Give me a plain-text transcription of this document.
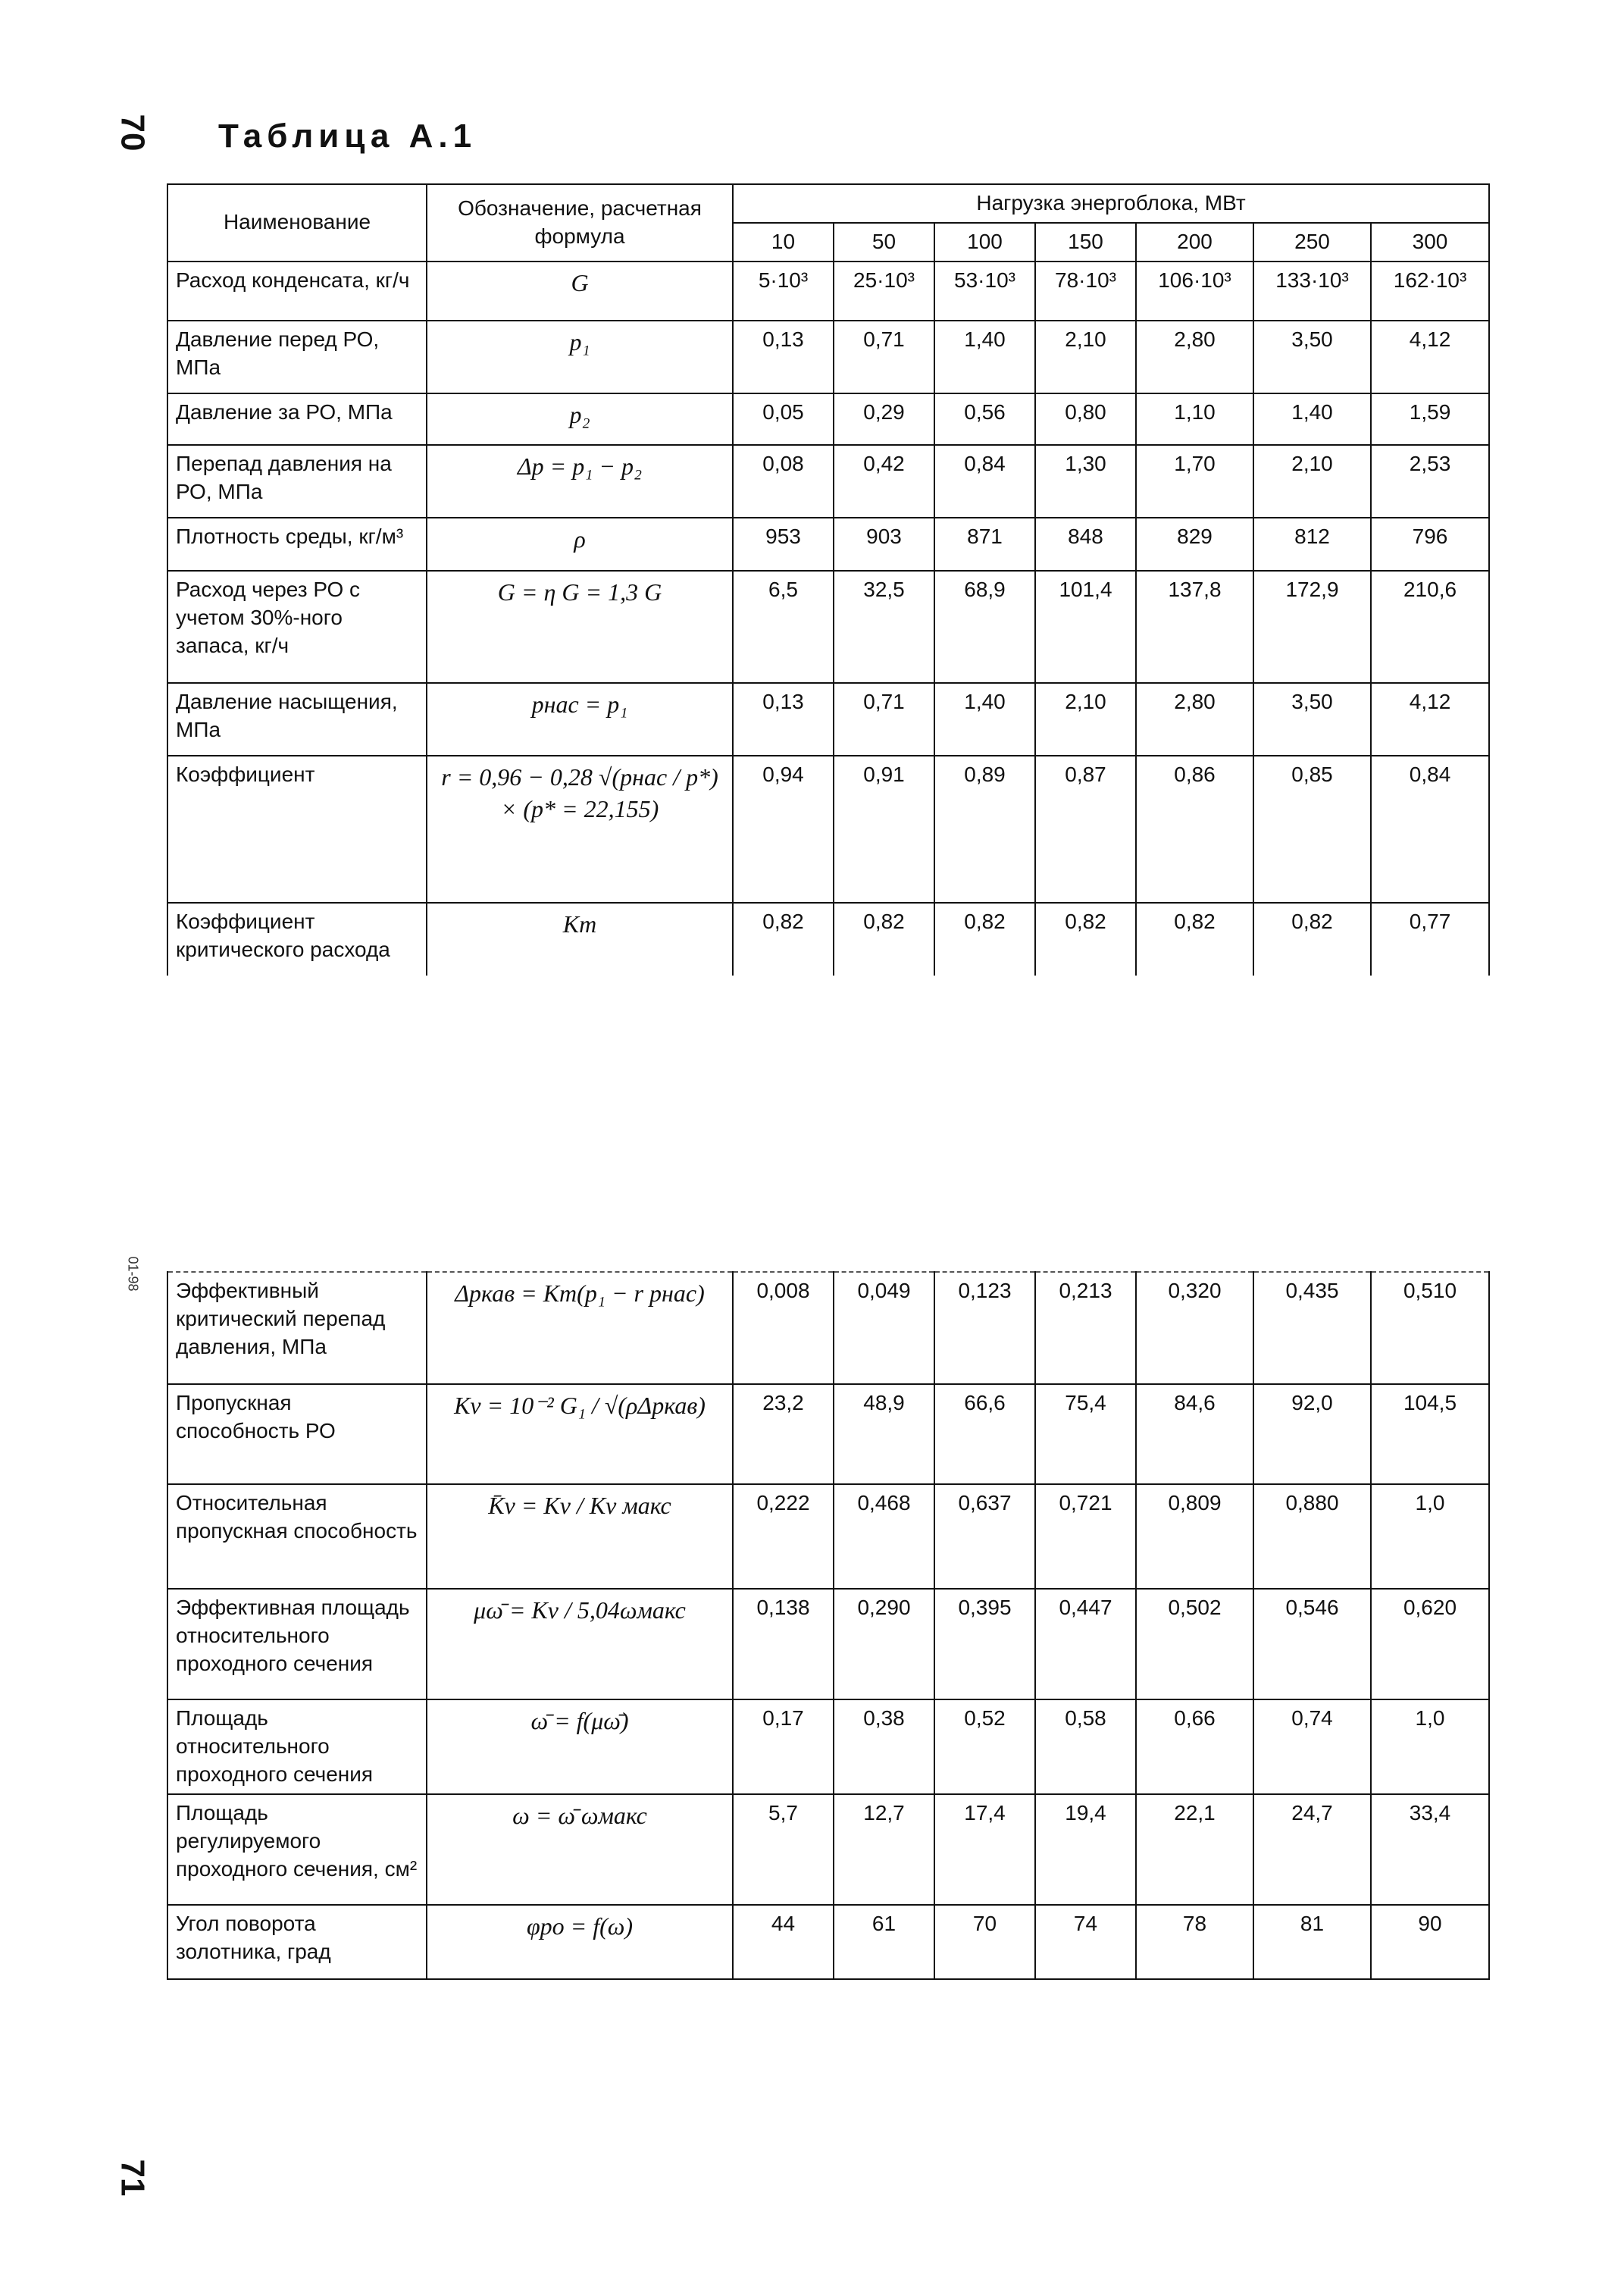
70
01-98
71
Таблица А.1
Наименование	Обозначение, расчетная формула	Нагрузка энергоблока, МВт						
		10	50	100	150	200	250	300
Расход конденсата, кг/ч	G	5·10³	25·10³	53·10³	78·10³	106·10³	133·10³	162·10³
Давление перед РО, МПа	p₁	0,13	0,71	1,40	2,10	2,80	3,50	4,12
Давление за РО, МПа	p₂	0,05	0,29	0,56	0,80	1,10	1,40	1,59
Перепад давления на РО, МПа	Δp = p₁ − p₂	0,08	0,42	0,84	1,30	1,70	2,10	2,53
Плотность среды, кг/м³	ρ	953	903	871	848	829	812	796
Расход через РО с учетом 30%-ного запаса, кг/ч	G = η G = 1,3 G	6,5	32,5	68,9	101,4	137,8	172,9	210,6
Давление насыщения, МПа	pнас = p₁	0,13	0,71	1,40	2,10	2,80	3,50	4,12
Коэффициент	r = 0,96 − 0,28 √(pнас / p*) × (p* = 22,155)	0,94	0,91	0,89	0,87	0,86	0,85	0,84
Коэффициент критического расхода	Km	0,82	0,82	0,82	0,82	0,82	0,82	0,77
Эффективный критический перепад давления, МПа	Δpкав = Km(p₁ − r pнас)	0,008	0,049	0,123	0,213	0,320	0,435	0,510
Пропускная способность РО	Kv = 10⁻² G₁ / √(ρΔpкав)	23,2	48,9	66,6	75,4	84,6	92,0	104,5
Относительная пропускная способность	K̄v = Kv / Kv макс	0,222	0,468	0,637	0,721	0,809	0,880	1,0
Эффективная площадь относительного проходного сечения	μω̄ = Kv / 5,04ωмакс	0,138	0,290	0,395	0,447	0,502	0,546	0,620
Площадь относительного проходного сечения	ω̄ = f(μω̄)	0,17	0,38	0,52	0,58	0,66	0,74	1,0
Площадь регулируемого проходного сечения, см²	ω = ω̄ ωмакс	5,7	12,7	17,4	19,4	22,1	24,7	33,4
Угол поворота золотника, град	φро = f(ω)	44	61	70	74	78	81	90
